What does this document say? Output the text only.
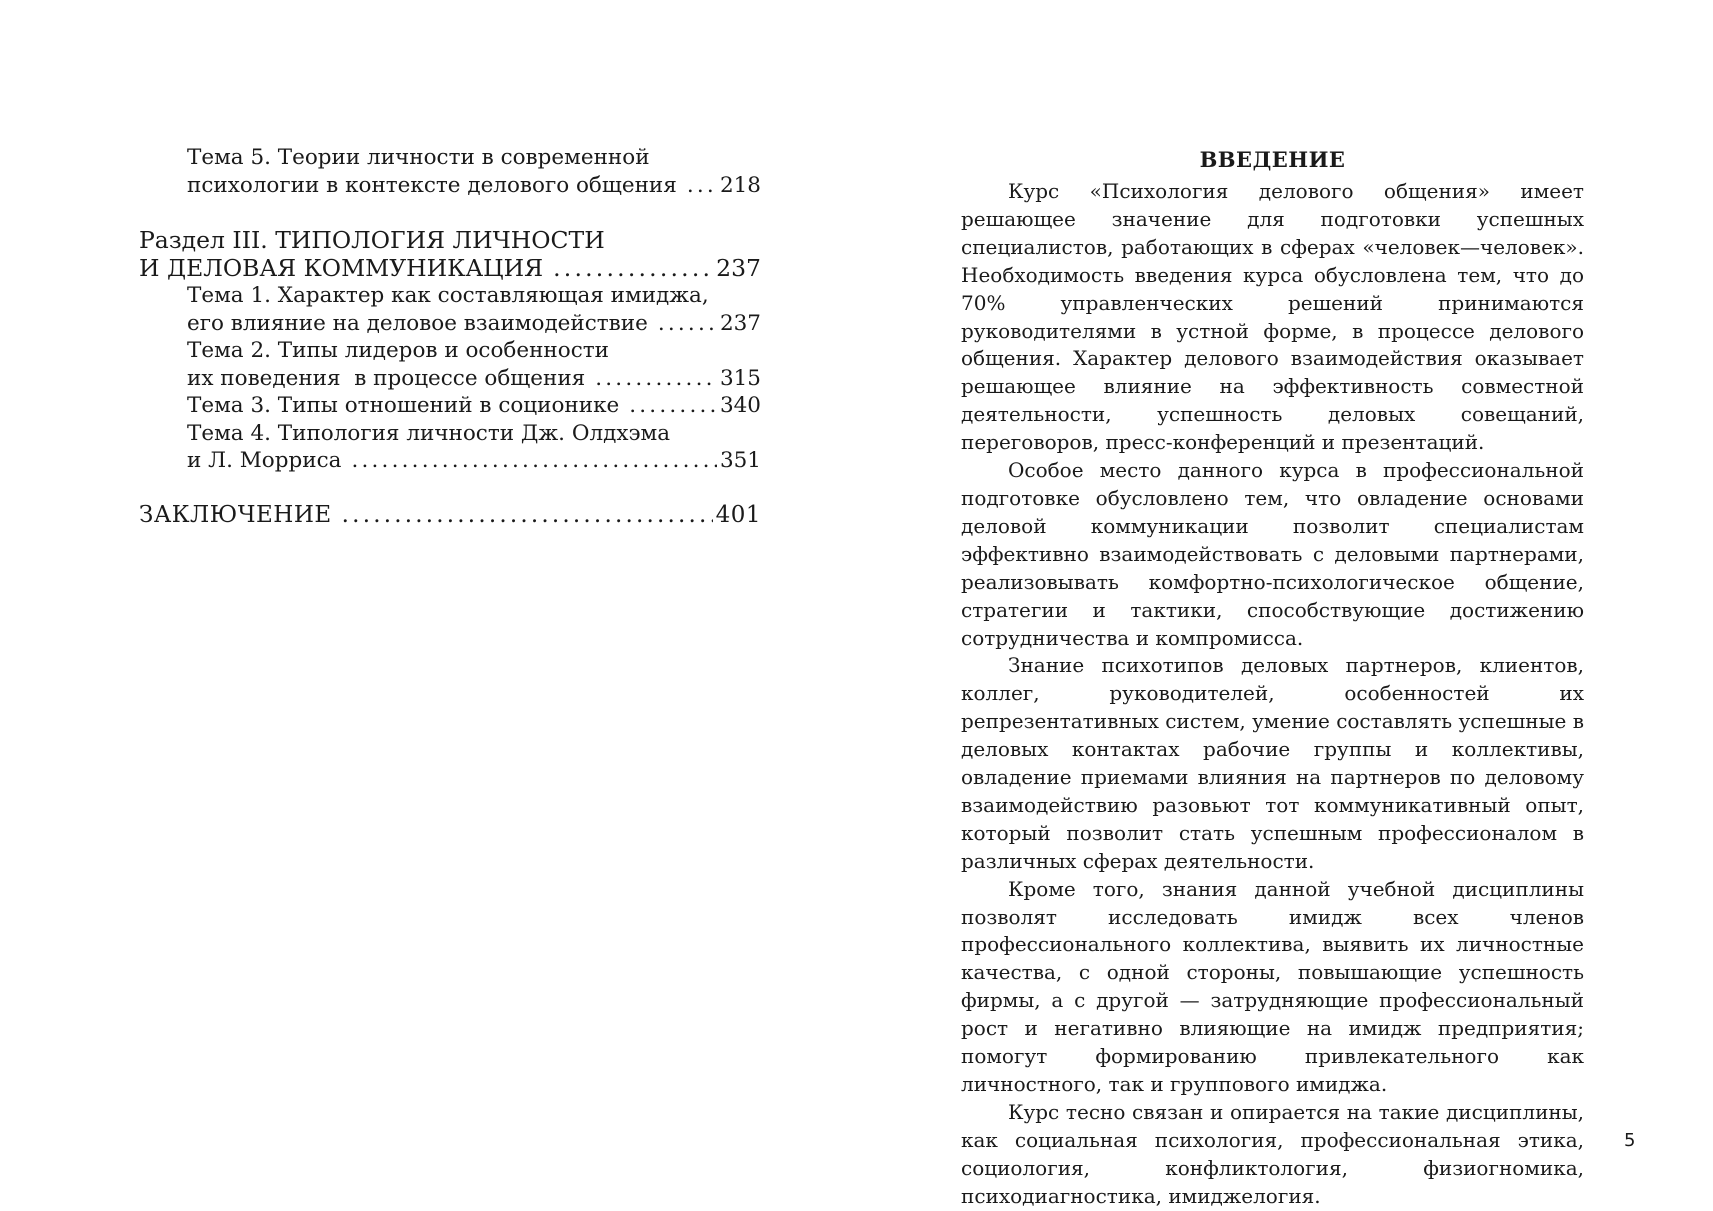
Тема 5. Теории личности в современной
психологии в контексте делового общения ..... 218
Раздел III. ТИПОЛОГИЯ ЛИЧНОСТИ
И ДЕЛОВАЯ КОММУНИКАЦИЯ .....	237
Тема 1. Характер как составляющая имиджа,
его влияние на деловое взаимодействие .....	237
Тема 2. Типы лидеров и особенности
их поведения  в процессе общения .....	315
Тема 3. Типы отношений в соционике .....	340
Тема 4. Типология личности Дж. Олдхэма
и Л. Морриса .....	351
ЗАКЛЮЧЕНИЕ .....	401
ВВЕДЕНИЕ

Курс «Психология делового общения» имеет решающее значение для подготовки успешных специалистов, работающих в сферах «человек—человек». Необходимость введения курса обусловлена тем, что до 70% управленческих решений принимаются руководителями в устной форме, в процессе делового общения. Характер делового взаимодействия оказывает решающее влияние на эффективность совместной деятельности, успешность деловых совещаний, переговоров, пресс-конференций и презентаций.

Особое место данного курса в профессиональной подготовке обусловлено тем, что овладение основами деловой коммуникации позволит специалистам эффективно взаимодействовать с деловыми партнерами, реализовывать комфортно-психологическое общение, стратегии и тактики, способствующие достижению сотрудничества и компромисса.

Знание психотипов деловых партнеров, клиентов, коллег, руководителей, особенностей их репрезентативных систем, умение составлять успешные в деловых контактах рабочие группы и коллективы, овладение приемами влияния на партнеров по деловому взаимодействию разовьют тот коммуникативный опыт, который позволит стать успешным профессионалом в различных сферах деятельности.

Кроме того, знания данной учебной дисциплины позволят исследовать имидж всех членов профессионального коллектива, выявить их личностные качества, с одной стороны, повышающие успешность фирмы, а с другой — затрудняющие профессиональный рост и негативно влияющие на имидж предприятия; помогут формированию привлекательного как личностного, так и группового имиджа.

Курс тесно связан и опирается на такие дисциплины, как социальная психология, профессиональная этика, социология, конфликтология, физиогномика, психодиагностика, имиджелогия.

5
